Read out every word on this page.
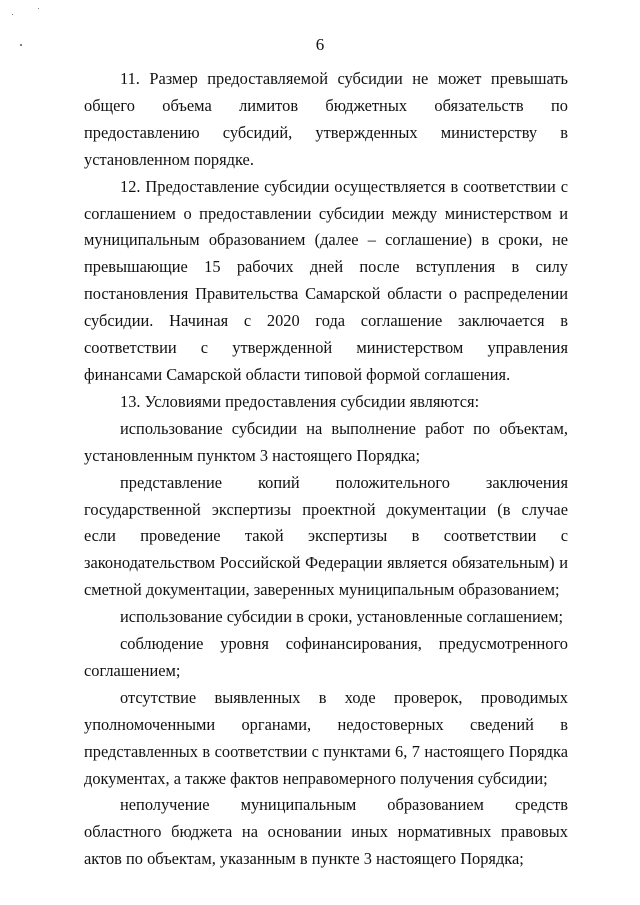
6

11. Размер предоставляемой субсидии не может превышать общего объема лимитов бюджетных обязательств по предоставлению субсидий, утвержденных министерству в установленном порядке.

12. Предоставление субсидии осуществляется в соответствии с соглашением о предоставлении субсидии между министерством и муниципальным образованием (далее – соглашение) в сроки, не превышающие 15 рабочих дней после вступления в силу постановления Правительства Самарской области о распределении субсидии. Начиная с 2020 года соглашение заключается в соответствии с утвержденной министерством управления финансами Самарской области типовой формой соглашения.

13. Условиями предоставления субсидии являются:

использование субсидии на выполнение работ по объектам, установленным пунктом 3 настоящего Порядка;

представление копий положительного заключения государственной экспертизы проектной документации (в случае если проведение такой экспертизы в соответствии с законодательством Российской Федерации является обязательным) и сметной документации, заверенных муниципальным образованием;

использование субсидии в сроки, установленные соглашением;

соблюдение уровня софинансирования, предусмотренного соглашением;

отсутствие выявленных в ходе проверок, проводимых уполномоченными органами, недостоверных сведений в представленных в соответствии с пунктами 6, 7 настоящего Порядка документах, а также фактов неправомерного получения субсидии;

неполучение муниципальным образованием средств областного бюджета на основании иных нормативных правовых актов по объектам, указанным в пункте 3 настоящего Порядка;
